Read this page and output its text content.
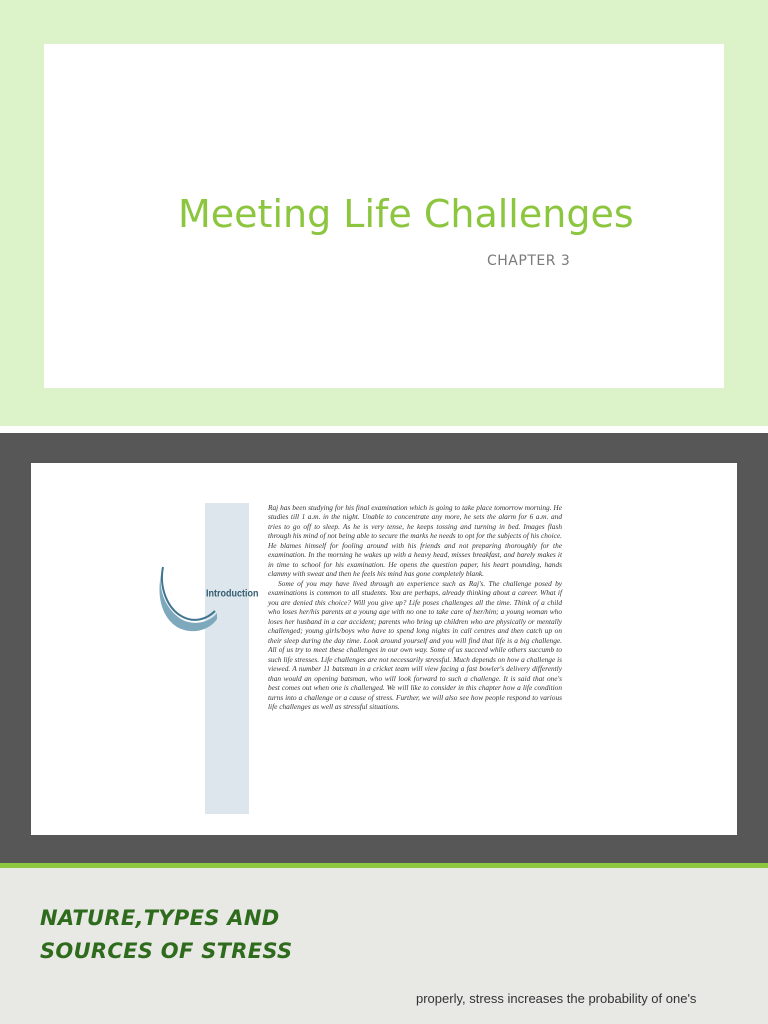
Meeting Life Challenges
CHAPTER 3
Introduction

Raj has been studying for his final examination which is going to take place tomorrow morning. He studies till 1 a.m. in the night. Unable to concentrate any more, he sets the alarm for 6 a.m. and tries to go off to sleep. As he is very tense, he keeps tossing and turning in bed. Images flash through his mind of not being able to secure the marks he needs to opt for the subjects of his choice. He blames himself for fooling around with his friends and not preparing thoroughly for the examination. In the morning he wakes up with a heavy head, misses breakfast, and barely makes it in time to school for his examination. He opens the question paper, his heart pounding, hands clammy with sweat and then he feels his mind has gone completely blank.

Some of you may have lived through an experience such as Raj's. The challenge posed by examinations is common to all students. You are perhaps, already thinking about a career. What if you are denied this choice? Will you give up? Life poses challenges all the time. Think of a child who loses her/his parents at a young age with no one to take care of her/him; a young woman who loses her husband in a car accident; parents who bring up children who are physically or mentally challenged; young girls/boys who have to spend long nights in call centres and then catch up on their sleep during the day time. Look around yourself and you will find that life is a big challenge. All of us try to meet these challenges in our own way. Some of us succeed while others succumb to such life stresses. Life challenges are not necessarily stressful. Much depends on how a challenge is viewed. A number 11 batsman in a cricket team will view facing a fast bowler's delivery differently than would an opening batsman, who will look forward to such a challenge. It is said that one's best comes out when one is challenged. We will like to consider in this chapter how a life condition turns into a challenge or a cause of stress. Further, we will also see how people respond to various life challenges as well as stressful situations.

NATURE,TYPES AND
SOURCES OF STRESS
properly, stress increases the probability of one's
